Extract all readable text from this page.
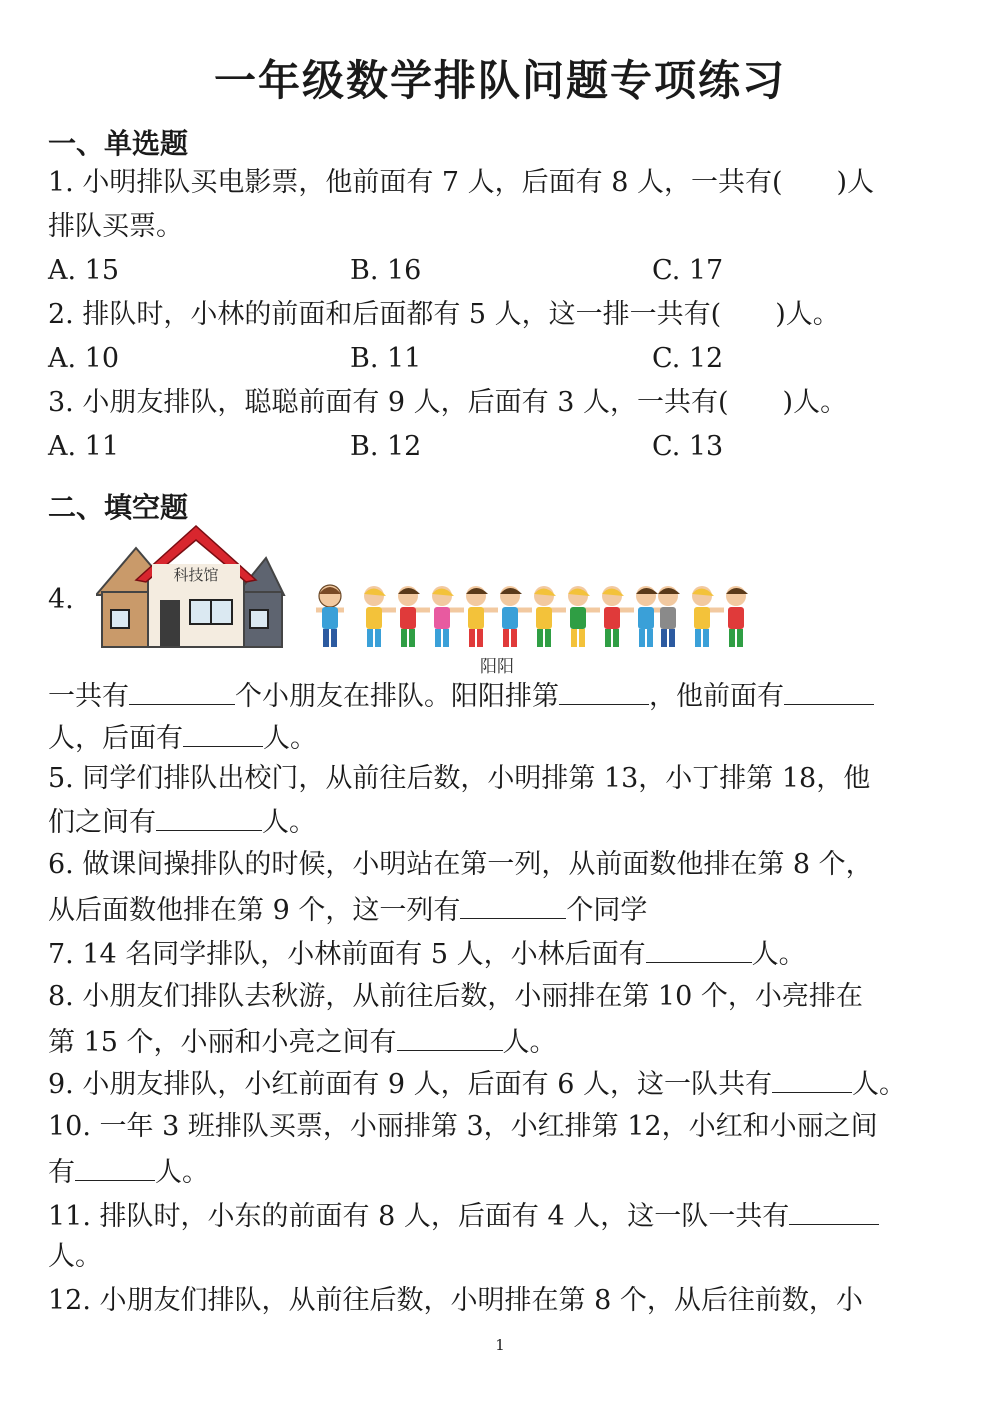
一年级数学排队问题专项练习
一、单选题
1. 小明排队买电影票，他前面有 7 人，后面有 8 人，一共有(　　)人
排队买票。
A. 15	B. 16	C. 17
2. 排队时，小林的前面和后面都有 5 人，这一排一共有(　　)人。
A. 10	B. 11	C. 12
3. 小朋友排队，聪聪前面有 9 人，后面有 3 人，一共有(　　)人。
A. 11	B. 12	C. 13
二、填空题
4.
科技馆
阳阳
一共有	个小朋友在排队。阳阳排第	，他前面有
人，后面有	人。
5. 同学们排队出校门，从前往后数，小明排第 13，小丁排第 18，他
们之间有	人。
6. 做课间操排队的时候，小明站在第一列，从前面数他排在第 8 个，
从后面数他排在第 9 个，这一列有	个同学
7. 14 名同学排队，小林前面有 5 人，小林后面有	人。
8. 小朋友们排队去秋游，从前往后数，小丽排在第 10 个，小亮排在
第 15 个，小丽和小亮之间有	人。
9. 小朋友排队，小红前面有 9 人，后面有 6 人，这一队共有	人。
10. 一年 3 班排队买票，小丽排第 3，小红排第 12，小红和小丽之间
有	人。
11. 排队时，小东的前面有 8 人，后面有 4 人，这一队一共有
人。
12. 小朋友们排队，从前往后数，小明排在第 8 个，从后往前数，小
1
